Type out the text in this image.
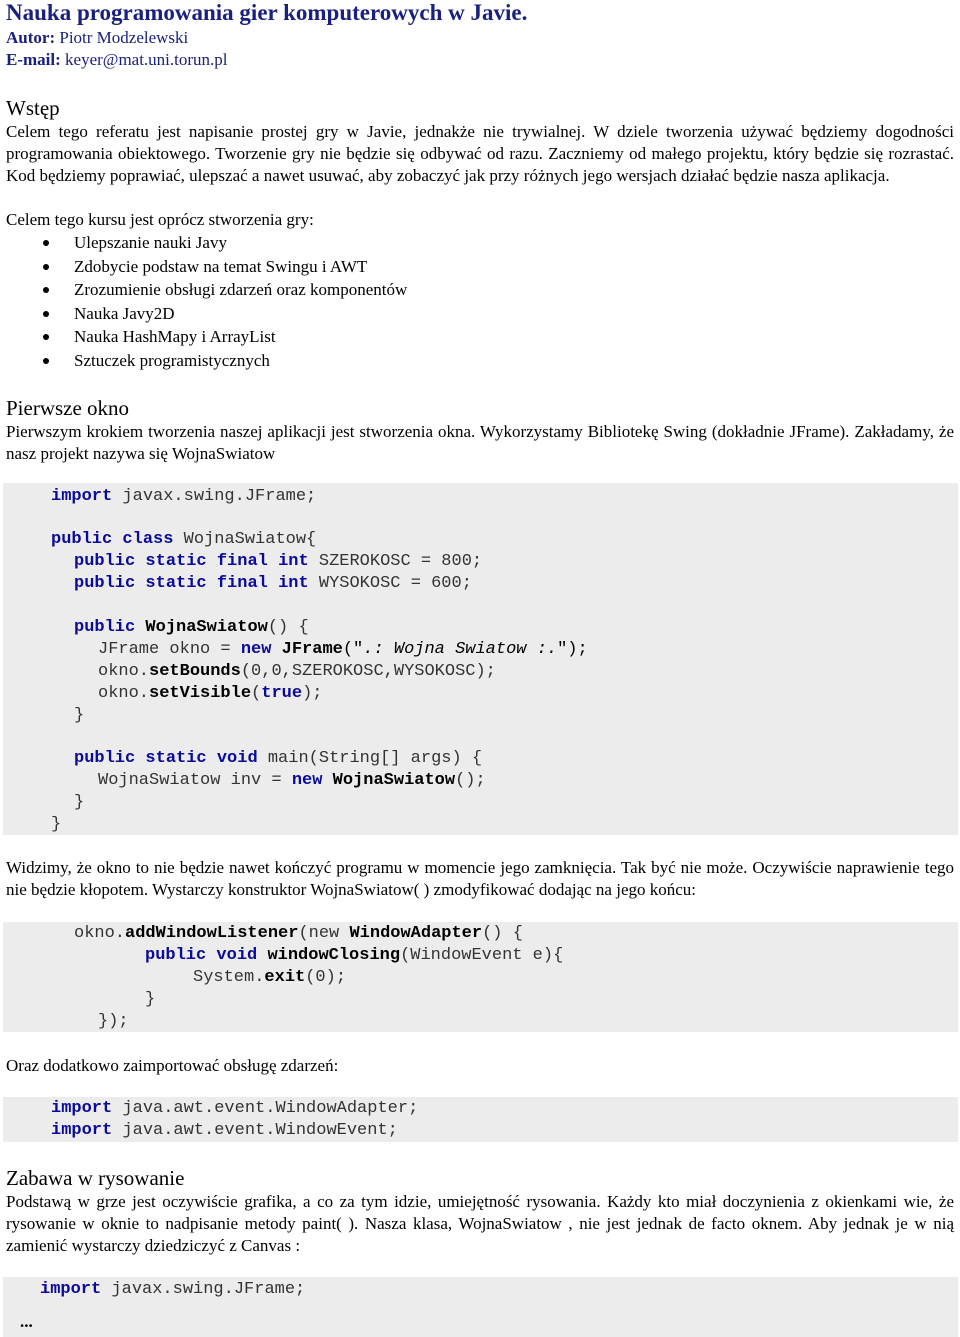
Nauka programowania gier komputerowych w Javie.
Autor: Piotr Modzelewski
E-mail: keyer@mat.uni.torun.pl
Wstęp

Celem tego referatu jest napisanie prostej gry w Javie, jednakże nie trywialnej. W dziele tworzenia używać będziemy dogodności programowania obiektowego. Tworzenie gry nie będzie się odbywać od razu. Zaczniemy od małego projektu, który będzie się rozrastać. Kod będziemy poprawiać, ulepszać a nawet usuwać, aby zobaczyć jak przy różnych jego wersjach działać będzie nasza aplikacja.

Celem tego kursu jest oprócz stworzenia gry:

Ulepszanie nauki Javy
Zdobycie podstaw na temat Swingu i AWT
Zrozumienie obsługi zdarzeń oraz komponentów
Nauka Javy2D
Nauka HashMapy i ArrayList
Sztuczek programistycznych
Pierwsze okno

Pierwszym krokiem tworzenia naszej aplikacji jest stworzenia okna. Wykorzystamy Bibliotekę Swing (dokładnie JFrame). Zakładamy, że nasz projekt nazywa się WojnaSwiatow

import javax.swing.JFrame;
public class WojnaSwiatow{
public static final int SZEROKOSC = 800;
public static final int WYSOKOSC = 600;
public WojnaSwiatow() {
JFrame okno = new JFrame(".: Wojna Swiatow :.");
okno.setBounds(0,0,SZEROKOSC,WYSOKOSC);
okno.setVisible(true);
}
public static void main(String[] args) {
WojnaSwiatow inv = new WojnaSwiatow();
}
}

Widzimy, że okno to nie będzie nawet kończyć programu w momencie jego zamknięcia. Tak być nie może. Oczywiście naprawienie tego nie będzie kłopotem. Wystarczy konstruktor WojnaSwiatow( ) zmodyfikować dodając na jego końcu:

okno.addWindowListener(new WindowAdapter() {
public void windowClosing(WindowEvent e){
System.exit(0);
}
});

Oraz dodatkowo zaimportować obsługę zdarzeń:

import java.awt.event.WindowAdapter;
import java.awt.event.WindowEvent;
Zabawa w rysowanie

Podstawą w grze jest oczywiście grafika, a co za tym idzie, umiejętność rysowania. Każdy kto miał doczynienia z okienkami wie, że rysowanie w oknie to nadpisanie metody paint( ). Nasza klasa, WojnaSwiatow , nie jest jednak de facto oknem. Aby jednak je w nią zamienić wystarczy dziedziczyć z Canvas :

import javax.swing.JFrame;
...
